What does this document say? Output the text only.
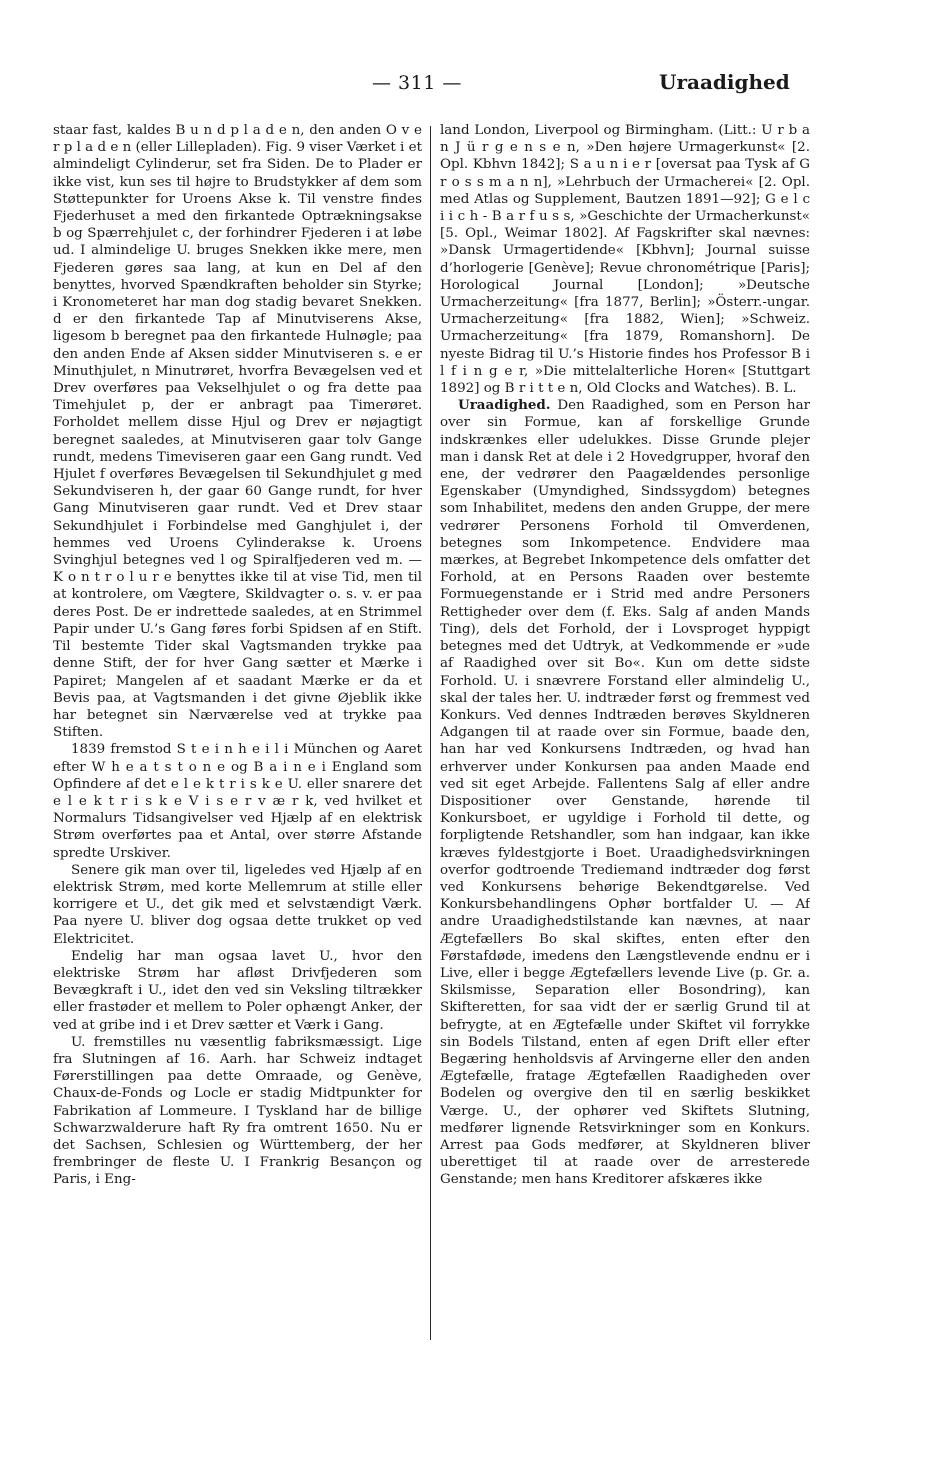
— 311 —	Uraadighed

staar fast, kaldes B u n d p l a d e n, den anden O v e r p l a d e n (eller Lillepladen). Fig. 9 viser Værket i et almindeligt Cylinderur, set fra Siden. De to Plader er ikke vist, kun ses til højre to Brudstykker af dem som Støttepunkter for Uroens Akse k. Til venstre findes Fjederhuset a med den firkantede Optrækningsakse b og Spærrehjulet c, der forhindrer Fjederen i at løbe ud. I almindelige U. bruges Snekken ikke mere, men Fjederen gøres saa lang, at kun en Del af den benyttes, hvorved Spændkraften beholder sin Styrke; i Kronometeret har man dog stadig bevaret Snekken. d er den firkantede Tap af Minutviserens Akse, ligesom b beregnet paa den firkantede Hulnøgle; paa den anden Ende af Aksen sidder Minutviseren s. e er Minuthjulet, n Minutrøret, hvorfra Bevægelsen ved et Drev overføres paa Vekselhjulet o og fra dette paa Timehjulet p, der er anbragt paa Timerøret. Forholdet mellem disse Hjul og Drev er nøjagtigt beregnet saaledes, at Minutviseren gaar tolv Gange rundt, medens Timeviseren gaar een Gang rundt. Ved Hjulet f overføres Bevægelsen til Sekundhjulet g med Sekundviseren h, der gaar 60 Gange rundt, for hver Gang Minutviseren gaar rundt. Ved et Drev staar Sekundhjulet i Forbindelse med Ganghjulet i, der hemmes ved Uroens Cylinderakse k. Uroens Svinghjul betegnes ved l og Spiralfjederen ved m. — K o n t r o l u r e benyttes ikke til at vise Tid, men til at kontrolere, om Vægtere, Skildvagter o. s. v. er paa deres Post. De er indrettede saaledes, at en Strimmel Papir under U.’s Gang føres forbi Spidsen af en Stift. Til bestemte Tider skal Vagtsmanden trykke paa denne Stift, der for hver Gang sætter et Mærke i Papiret; Mangelen af et saadant Mærke er da et Bevis paa, at Vagtsmanden i det givne Øjeblik ikke har betegnet sin Nærværelse ved at trykke paa Stiften.

1839 fremstod S t e i n h e i l i München og Aaret efter W h e a t s t o n e og B a i n e i England som Opfindere af det e l e k t r i s k e U. eller snarere det e l e k t r i s k e V i s e r v æ r k, ved hvilket et Normalurs Tidsangivelser ved Hjælp af en elektrisk Strøm overførtes paa et Antal, over større Afstande spredte Urskiver.

Senere gik man over til, ligeledes ved Hjælp af en elektrisk Strøm, med korte Mellemrum at stille eller korrigere et U., det gik med et selvstændigt Værk. Paa nyere U. bliver dog ogsaa dette trukket op ved Elektricitet.

Endelig har man ogsaa lavet U., hvor den elektriske Strøm har afløst Drivfjederen som Bevægkraft i U., idet den ved sin Veksling tiltrækker eller frastøder et mellem to Poler ophængt Anker, der ved at gribe ind i et Drev sætter et Værk i Gang.

U. fremstilles nu væsentlig fabriksmæssigt. Lige fra Slutningen af 16. Aarh. har Schweiz indtaget Førerstillingen paa dette Omraade, og Genève, Chaux-de-Fonds og Locle er stadig Midtpunkter for Fabrikation af Lommeure. I Tyskland har de billige Schwarzwalderure haft Ry fra omtrent 1650. Nu er det Sachsen, Schlesien og Württemberg, der her frembringer de fleste U. I Frankrig Besançon og Paris, i Eng-

land London, Liverpool og Birmingham. (Litt.: U r b a n J ü r g e n s e n, »Den højere Urmagerkunst« [2. Opl. Kbhvn 1842]; S a u n i e r [oversat paa Tysk af G r o s s m a n n], »Lehrbuch der Urmacherei« [2. Opl. med Atlas og Supplement, Bautzen 1891—92]; G e l c i i c h - B a r f u s s, »Geschichte der Urmacherkunst« [5. Opl., Weimar 1802]. Af Fagskrifter skal nævnes: »Dansk Urmagertidende« [Kbhvn]; Journal suisse d’horlogerie [Genève]; Revue chronométrique [Paris]; Horological Journal [London]; »Deutsche Urmacherzeitung« [fra 1877, Berlin]; »Österr.-ungar. Urmacherzeitung« [fra 1882, Wien]; »Schweiz. Urmacherzeitung« [fra 1879, Romanshorn]. De nyeste Bidrag til U.’s Historie findes hos Professor B i l f i n g e r, »Die mittelalterliche Horen« [Stuttgart 1892] og B r i t t e n, Old Clocks and Watches). B. L.

Uraadighed. Den Raadighed, som en Person har over sin Formue, kan af forskellige Grunde indskrænkes eller udelukkes. Disse Grunde plejer man i dansk Ret at dele i 2 Hovedgrupper, hvoraf den ene, der vedrører den Paagældendes personlige Egenskaber (Umyndighed, Sindssygdom) betegnes som Inhabilitet, medens den anden Gruppe, der mere vedrører Personens Forhold til Omverdenen, betegnes som Inkompetence. Endvidere maa mærkes, at Begrebet Inkompetence dels omfatter det Forhold, at en Persons Raaden over bestemte Formuegenstande er i Strid med andre Personers Rettigheder over dem (f. Eks. Salg af anden Mands Ting), dels det Forhold, der i Lovsproget hyppigt betegnes med det Udtryk, at Vedkommende er »ude af Raadighed over sit Bo«. Kun om dette sidste Forhold. U. i snævrere Forstand eller almindelig U., skal der tales her. U. indtræder først og fremmest ved Konkurs. Ved dennes Indtræden berøves Skyldneren Adgangen til at raade over sin Formue, baade den, han har ved Konkursens Indtræden, og hvad han erhverver under Konkursen paa anden Maade end ved sit eget Arbejde. Fallentens Salg af eller andre Dispositioner over Genstande, hørende til Konkursboet, er ugyldige i Forhold til dette, og forpligtende Retshandler, som han indgaar, kan ikke kræves fyldestgjorte i Boet. Uraadighedsvirkningen overfor godtroende Trediemand indtræder dog først ved Konkursens behørige Bekendtgørelse. Ved Konkursbehandlingens Ophør bortfalder U. — Af andre Uraadighedstilstande kan nævnes, at naar Ægtefællers Bo skal skiftes, enten efter den Førstafdøde, imedens den Længstlevende endnu er i Live, eller i begge Ægtefællers levende Live (p. Gr. a. Skilsmisse, Separation eller Bosondring), kan Skifteretten, for saa vidt der er særlig Grund til at befrygte, at en Ægtefælle under Skiftet vil forrykke sin Bodels Tilstand, enten af egen Drift eller efter Begæring henholdsvis af Arvingerne eller den anden Ægtefælle, fratage Ægtefællen Raadigheden over Bodelen og overgive den til en særlig beskikket Værge. U., der ophører ved Skiftets Slutning, medfører lignende Retsvirkninger som en Konkurs. Arrest paa Gods medfører, at Skyldneren bliver uberettiget til at raade over de arresterede Genstande; men hans Kreditorer afskæres ikke
